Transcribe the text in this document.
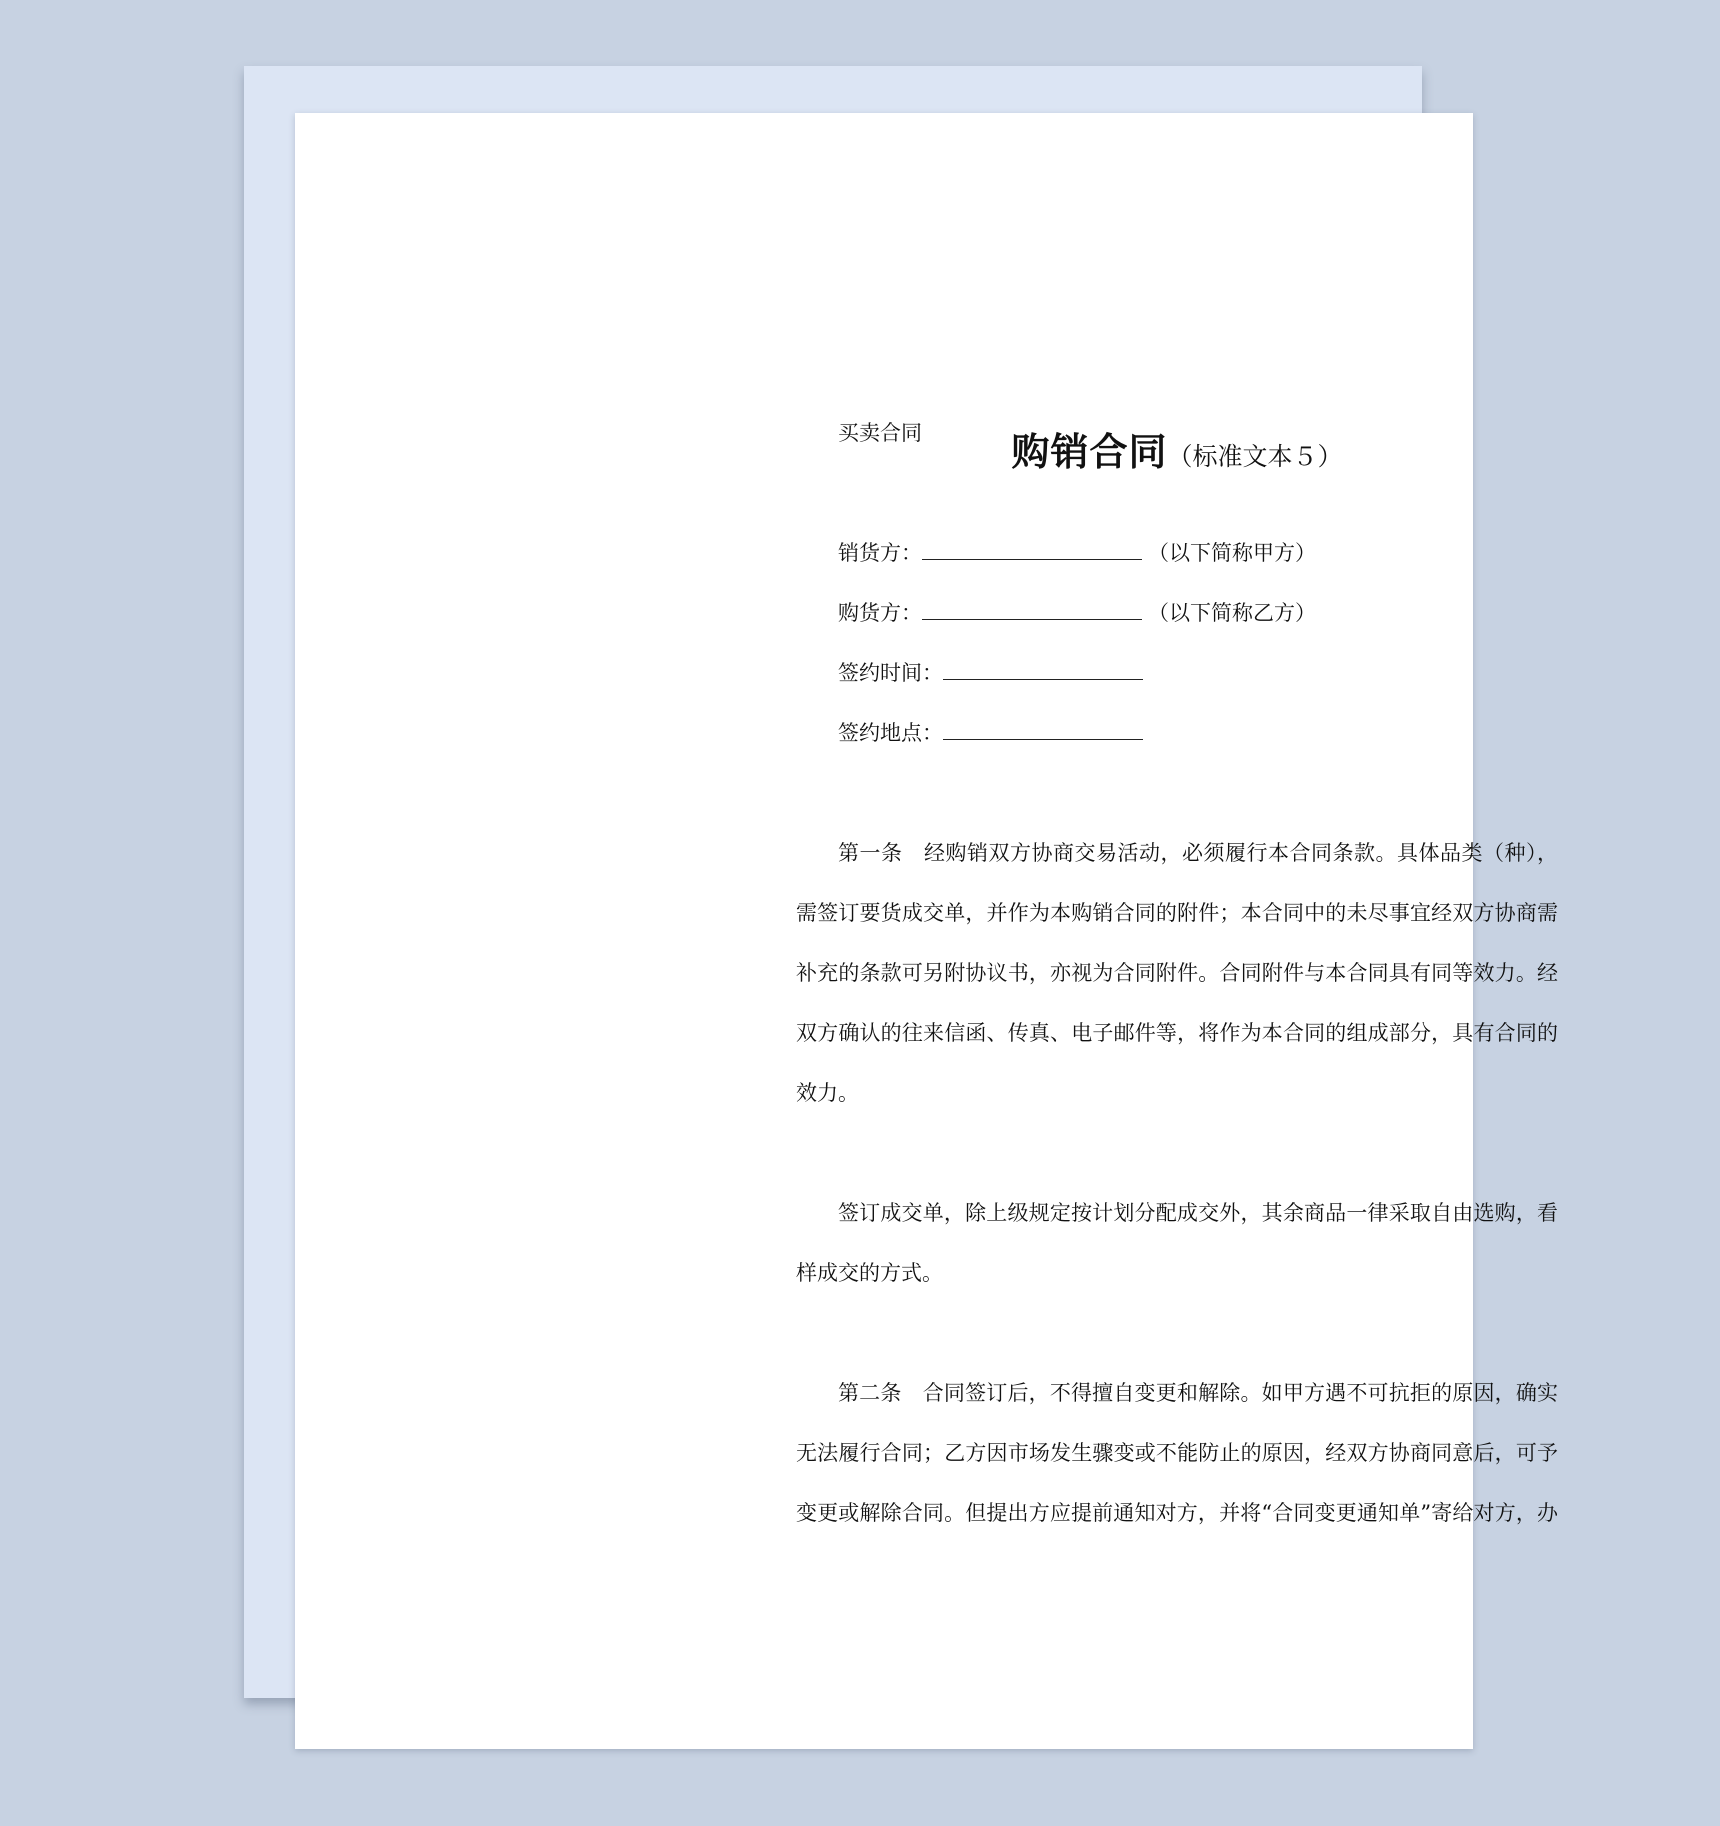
购销合同（标准文本５）
买卖合同
销货方：	（以下简称甲方）
购货方：	（以下简称乙方）
签约时间：
签约地点：
第一条　经购销双方协商交易活动，必须履行本合同条款。具体品类（种），
需签订要货成交单，并作为本购销合同的附件；本合同中的未尽事宜经双方协商需
补充的条款可另附协议书，亦视为合同附件。合同附件与本合同具有同等效力。经
双方确认的往来信函、传真、电子邮件等，将作为本合同的组成部分，具有合同的
效力。
签订成交单，除上级规定按计划分配成交外，其余商品一律采取自由选购，看
样成交的方式。
第二条　合同签订后，不得擅自变更和解除。如甲方遇不可抗拒的原因，确实
无法履行合同；乙方因市场发生骤变或不能防止的原因，经双方协商同意后，可予
变更或解除合同。但提出方应提前通知对方，并将“合同变更通知单”寄给对方，办
